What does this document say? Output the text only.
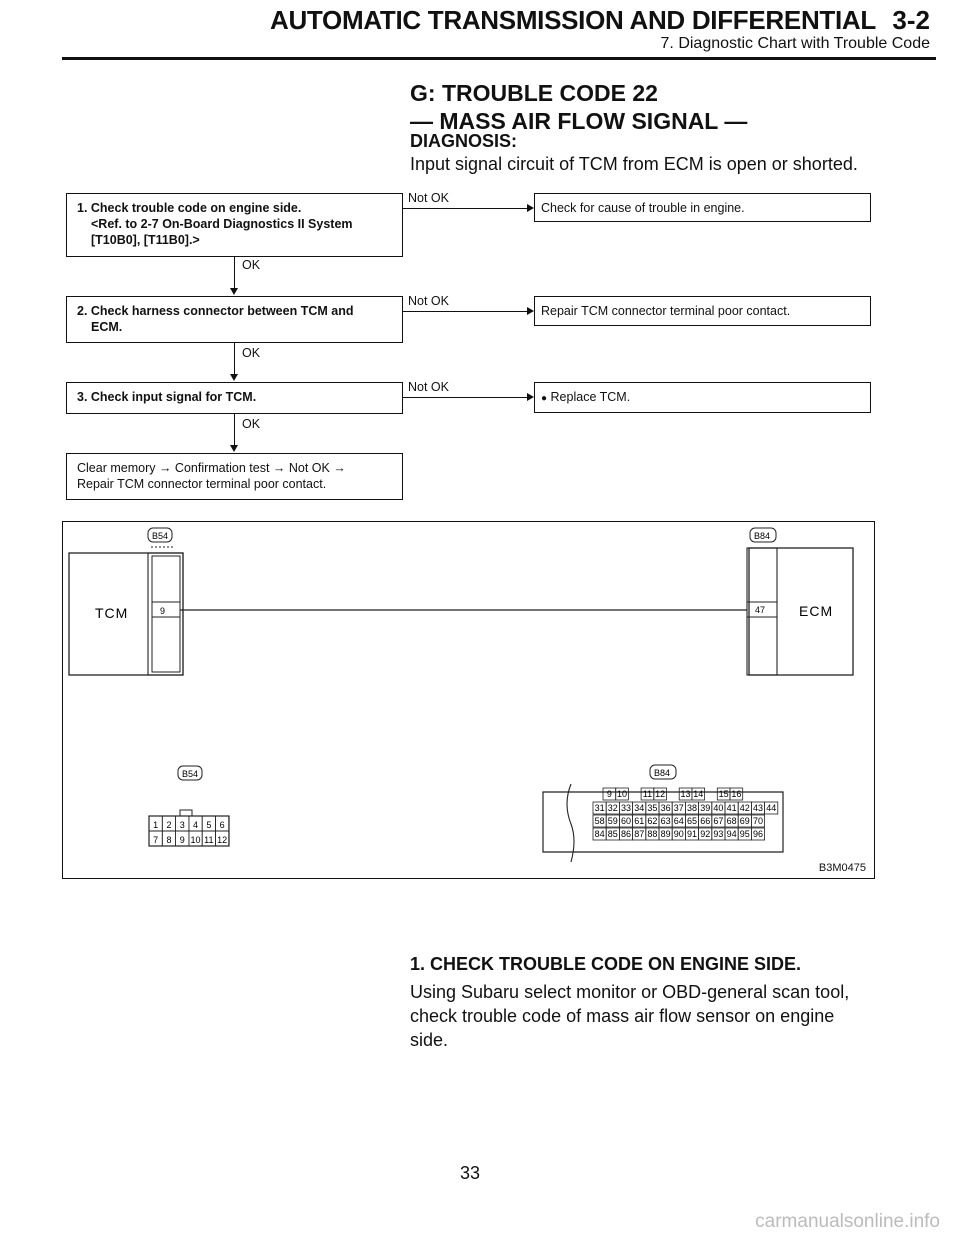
AUTOMATIC TRANSMISSION AND DIFFERENTIAL 3-2
7. Diagnostic Chart with Trouble Code
G: TROUBLE CODE 22
— MASS AIR FLOW SIGNAL —
DIAGNOSIS:
Input signal circuit of TCM from ECM is open or shorted.
1. Check trouble code on engine side.
<Ref. to 2-7 On-Board Diagnostics II System
[T10B0], [T11B0].>
Not OK
Check for cause of trouble in engine.
OK
2. Check harness connector between TCM and
ECM.
Not OK
Repair TCM connector terminal poor contact.
OK
3. Check input signal for TCM.
Not OK
● Replace TCM.
OK
Clear memory → Confirmation test → Not OK →
Repair TCM connector terminal poor contact.
1 2 3 4 5 6
7 8 9 10 11 12
9 10 11 12 13 14 15 16
31 32 33 34 35 36 37 38 39 40 41 42 43 44
58 59 60 61 62 63 64 65 66 67 68 69 70
84 85 86 87 88 89 90 91 92 93 94 95 96
B54	B84
B54	B84
TCM	ECM
9	47
B3M0475
1. CHECK TROUBLE CODE ON ENGINE SIDE.
Using Subaru select monitor or OBD-general scan tool, check trouble code of mass air flow sensor on engine side.
33
carmanualsonline.info
